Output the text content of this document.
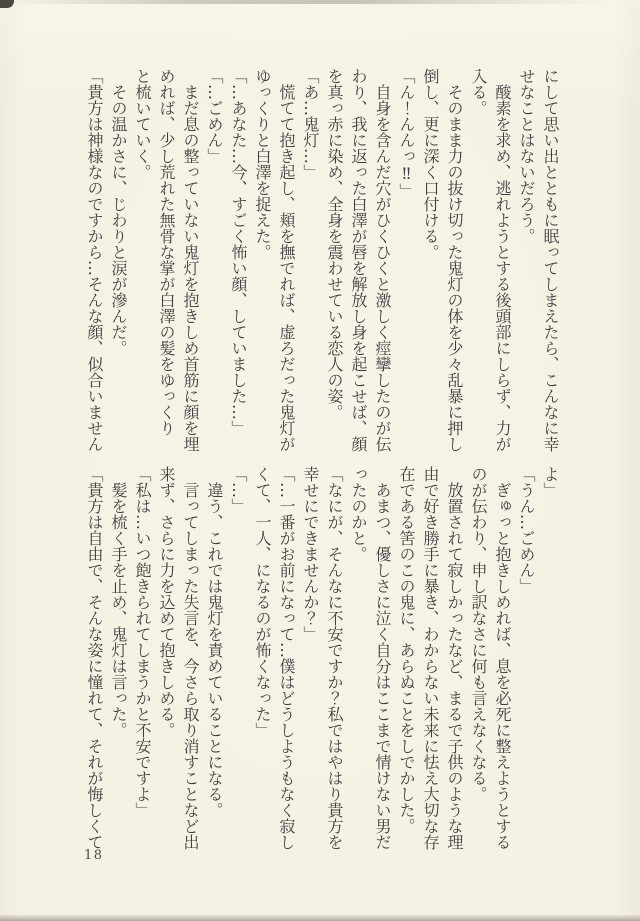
にして思い出とともに眠ってしまえたら、こんなに幸

せなことはないだろう。

　酸素を求め、逃れようとする後頭部にしらず、力が

入る。

　そのまま力の抜け切った鬼灯の体を少々乱暴に押し

倒し、更に深く口付ける。

「ん！んんっ‼」

　自身を含んだ穴がひくひくと激しく痙攣したのが伝

わり、我に返った白澤が唇を解放し身を起こせば、顔

を真っ赤に染め、全身を震わせている恋人の姿。

「あ…鬼灯…」

　慌てて抱き起し、頬を撫でれば、虚ろだった鬼灯が

ゆっくりと白澤を捉えた。

「…あなた…今、すごく怖い顔、していました…」

「…ごめん」

　まだ息の整っていない鬼灯を抱きしめ首筋に顔を埋

めれば、少し荒れた無骨な掌が白澤の髪をゆっくり

と梳いていく。

　その温かさに、じわりと涙が滲んだ。

「貴方は神様なのですから…そんな顔、似合いません

よ」

「うん…ごめん」

　ぎゅっと抱きしめれば、息を必死に整えようとする

のが伝わり、申し訳なさに何も言えなくなる。

　放置されて寂しかったなど、まるで子供のような理

由で好き勝手に暴き、わからない未来に怯え大切な存

在である筈のこの鬼に、あらぬことをしでかした。

　あまつ、優しさに泣く自分はここまで情けない男だ

ったのかと。

「なにが、そんなに不安ですか？私ではやはり貴方を

幸せにできませんか？」

「…一番がお前になって…僕はどうしようもなく寂し

くて、一人、になるのが怖くなった」

「…」

　違う、これでは鬼灯を責めていることになる。

　言ってしまった失言を、今さら取り消すことなど出

来ず、さらに力を込めて抱きしめる。

「私は…いつ飽きられてしまうかと不安ですよ」

　髪を梳く手を止め、鬼灯は言った。

「貴方は自由で、そんな姿に憧れて、それが悔しくて

18
